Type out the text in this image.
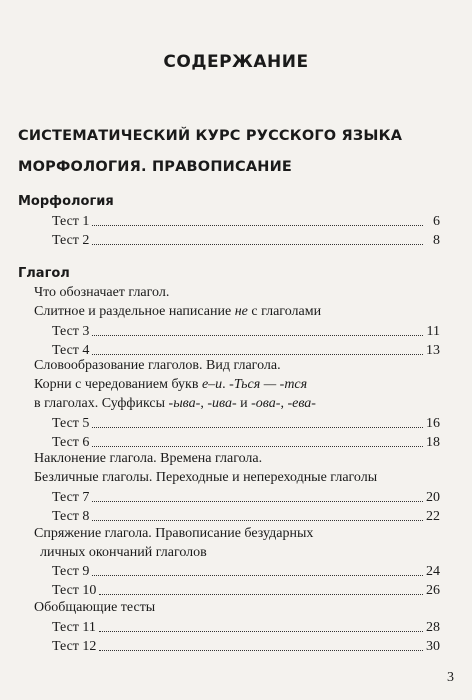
СОДЕРЖАНИЕ
СИСТЕМАТИЧЕСКИЙ КУРС РУССКОГО ЯЗЫКА
МОРФОЛОГИЯ. ПРАВОПИСАНИЕ
Морфология
Тест 1	6
Тест 2	8
Глагол
Что обозначает глагол.
Слитное и раздельное написание не с глаголами
Тест 3	11
Тест 4	13
Словообразование глаголов. Вид глагола.
Корни с чередованием букв е–и. -Ться — -тся
в глаголах. Суффиксы -ыва-, -ива- и -ова-, -ева-
Тест 5	16
Тест 6	18
Наклонение глагола. Времена глагола.
Безличные глаголы. Переходные и непереходные глаголы
Тест 7	20
Тест 8	22
Спряжение глагола. Правописание безударных
личных окончаний глаголов
Тест 9	24
Тест 10	26
Обобщающие тесты
Тест 11	28
Тест 12	30
3
